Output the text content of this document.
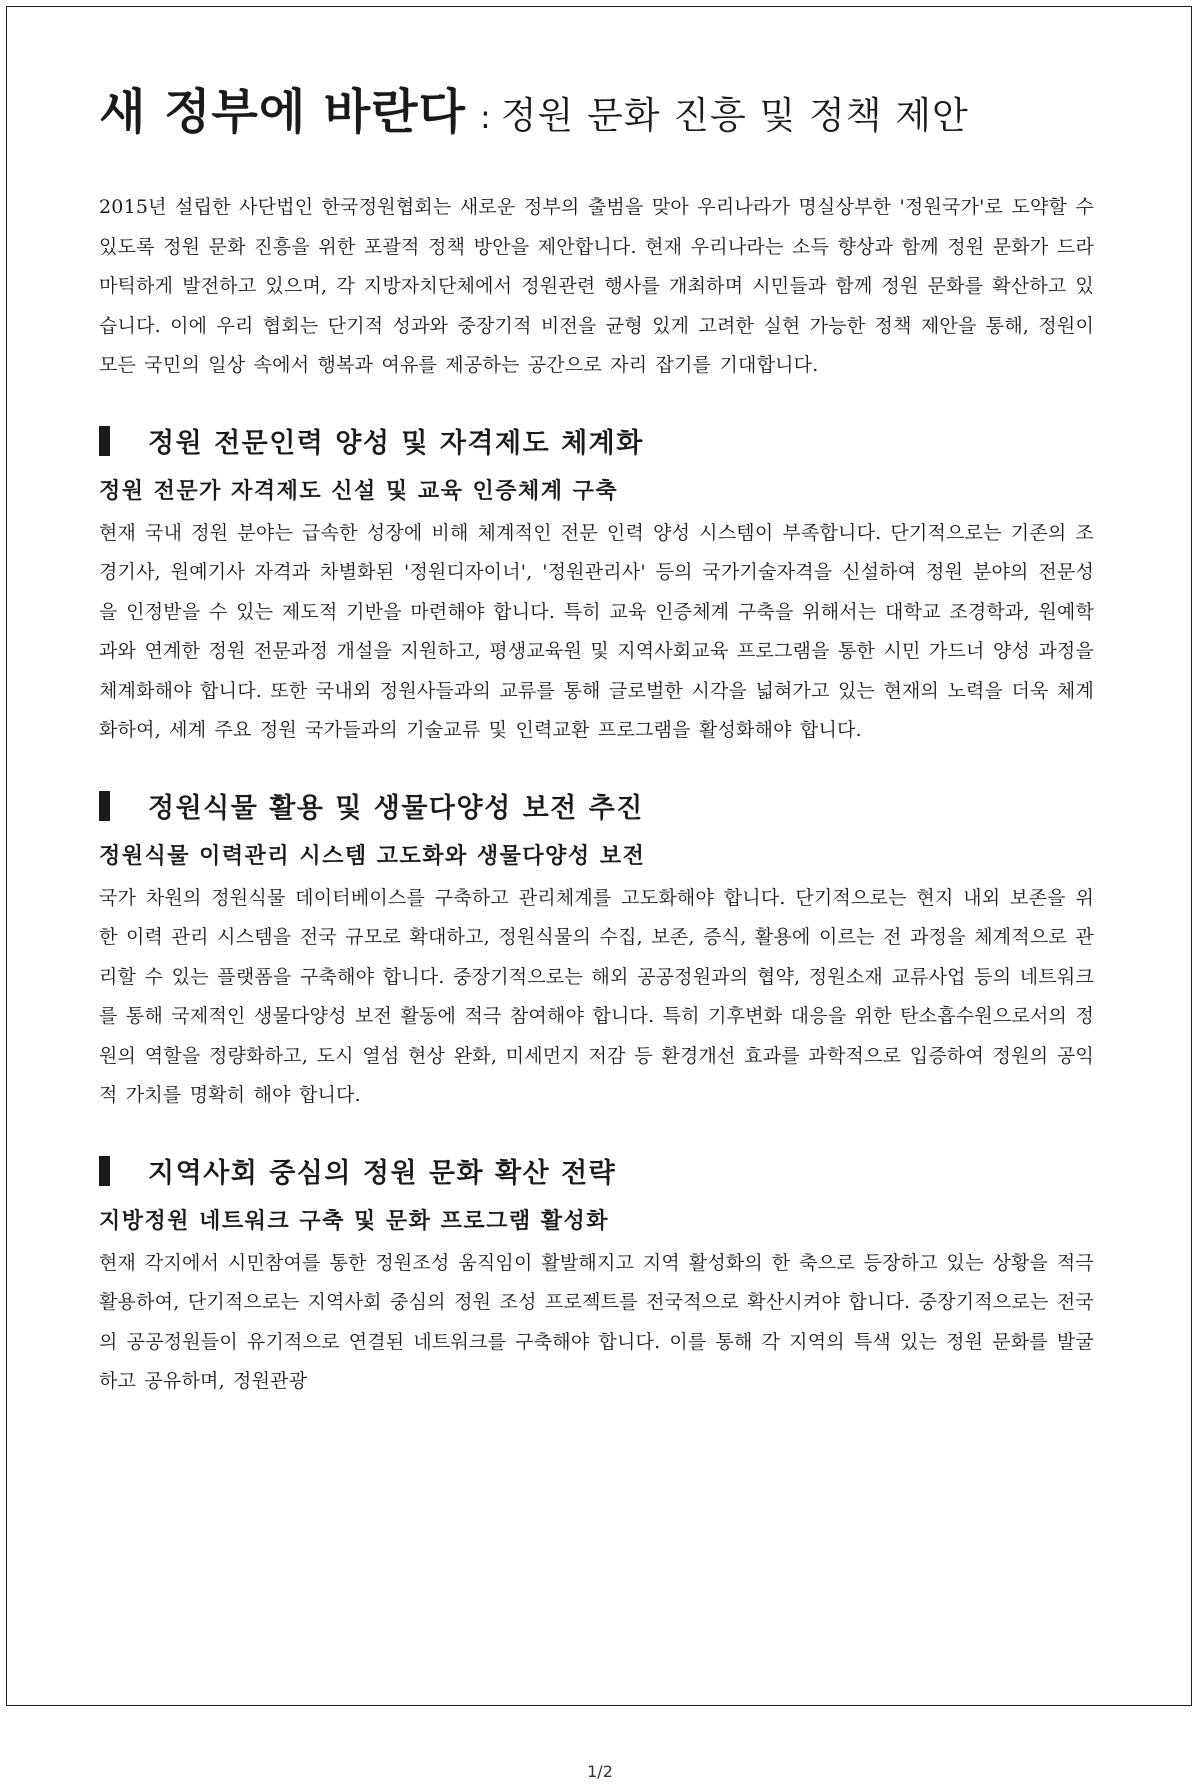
새 정부에 바란다 : 정원 문화 진흥 및 정책 제안

2015년 설립한 사단법인 한국정원협회는 새로운 정부의 출범을 맞아 우리나라가 명실상부한 '정원국가'로 도약할 수 있도록 정원 문화 진흥을 위한 포괄적 정책 방안을 제안합니다. 현재 우리나라는 소득 향상과 함께 정원 문화가 드라마틱하게 발전하고 있으며, 각 지방자치단체에서 정원관련 행사를 개최하며 시민들과 함께 정원 문화를 확산하고 있습니다. 이에 우리 협회는 단기적 성과와 중장기적 비전을 균형 있게 고려한 실현 가능한 정책 제안을 통해, 정원이 모든 국민의 일상 속에서 행복과 여유를 제공하는 공간으로 자리 잡기를 기대합니다.

정원 전문인력 양성 및 자격제도 체계화
정원 전문가 자격제도 신설 및 교육 인증체계 구축

현재 국내 정원 분야는 급속한 성장에 비해 체계적인 전문 인력 양성 시스템이 부족합니다. 단기적으로는 기존의 조경기사, 원예기사 자격과 차별화된 '정원디자이너', '정원관리사' 등의 국가기술자격을 신설하여 정원 분야의 전문성을 인정받을 수 있는 제도적 기반을 마련해야 합니다. 특히 교육 인증체계 구축을 위해서는 대학교 조경학과, 원예학과와 연계한 정원 전문과정 개설을 지원하고, 평생교육원 및 지역사회교육 프로그램을 통한 시민 가드너 양성 과정을 체계화해야 합니다. 또한 국내외 정원사들과의 교류를 통해 글로벌한 시각을 넓혀가고 있는 현재의 노력을 더욱 체계화하여, 세계 주요 정원 국가들과의 기술교류 및 인력교환 프로그램을 활성화해야 합니다.

정원식물 활용 및 생물다양성 보전 추진
정원식물 이력관리 시스템 고도화와 생물다양성 보전

국가 차원의 정원식물 데이터베이스를 구축하고 관리체계를 고도화해야 합니다. 단기적으로는 현지 내외 보존을 위한 이력 관리 시스템을 전국 규모로 확대하고, 정원식물의 수집, 보존, 증식, 활용에 이르는 전 과정을 체계적으로 관리할 수 있는 플랫폼을 구축해야 합니다. 중장기적으로는 해외 공공정원과의 협약, 정원소재 교류사업 등의 네트워크를 통해 국제적인 생물다양성 보전 활동에 적극 참여해야 합니다. 특히 기후변화 대응을 위한 탄소흡수원으로서의 정원의 역할을 정량화하고, 도시 열섬 현상 완화, 미세먼지 저감 등 환경개선 효과를 과학적으로 입증하여 정원의 공익적 가치를 명확히 해야 합니다.

지역사회 중심의 정원 문화 확산 전략
지방정원 네트워크 구축 및 문화 프로그램 활성화

현재 각지에서 시민참여를 통한 정원조성 움직임이 활발해지고 지역 활성화의 한 축으로 등장하고 있는 상황을 적극 활용하여, 단기적으로는 지역사회 중심의 정원 조성 프로젝트를 전국적으로 확산시켜야 합니다. 중장기적으로는 전국의 공공정원들이 유기적으로 연결된 네트워크를 구축해야 합니다. 이를 통해 각 지역의 특색 있는 정원 문화를 발굴하고 공유하며, 정원관광

1/2
